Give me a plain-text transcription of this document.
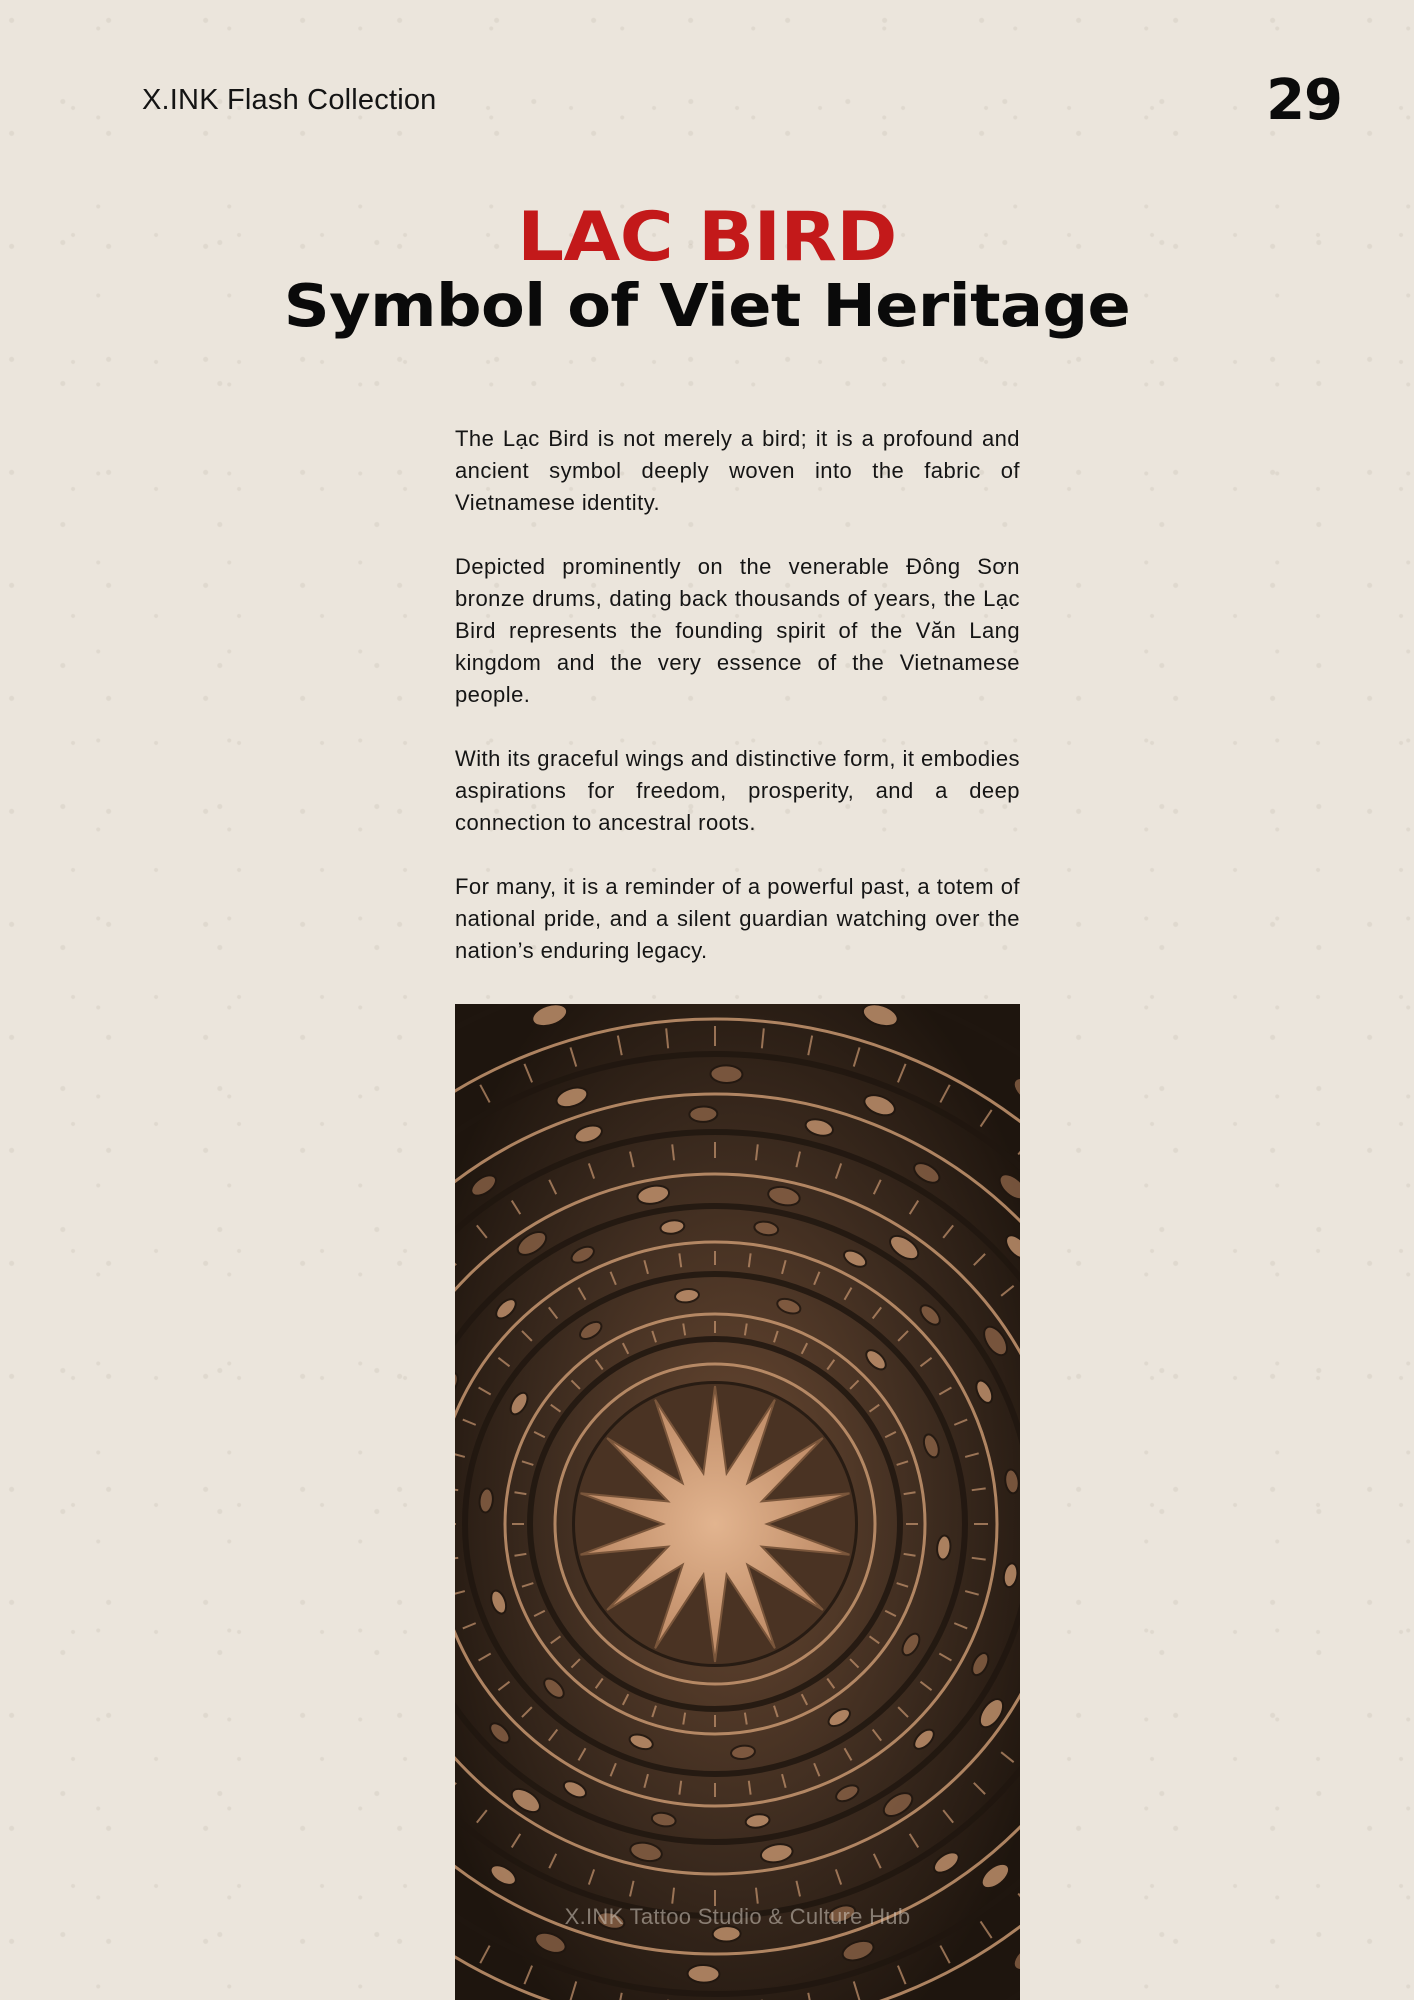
X.INK Flash Collection	29
LAC BIRD
Symbol of Viet Heritage

The Lạc Bird is not merely a bird; it is a profound and ancient symbol deeply woven into the fabric of Vietnamese identity.

Depicted prominently on the venerable Đông Sơn bronze drums, dating back thousands of years, the Lạc Bird represents the founding spirit of the Văn Lang kingdom and the very essence of the Vietnamese people.

With its graceful wings and distinctive form, it embodies aspirations for freedom, prosperity, and a deep connection to ancestral roots.

For many, it is a reminder of a powerful past, a totem of national pride, and a silent guardian watching over the nation’s enduring legacy.

X.INK Tattoo Studio & Culture Hub
